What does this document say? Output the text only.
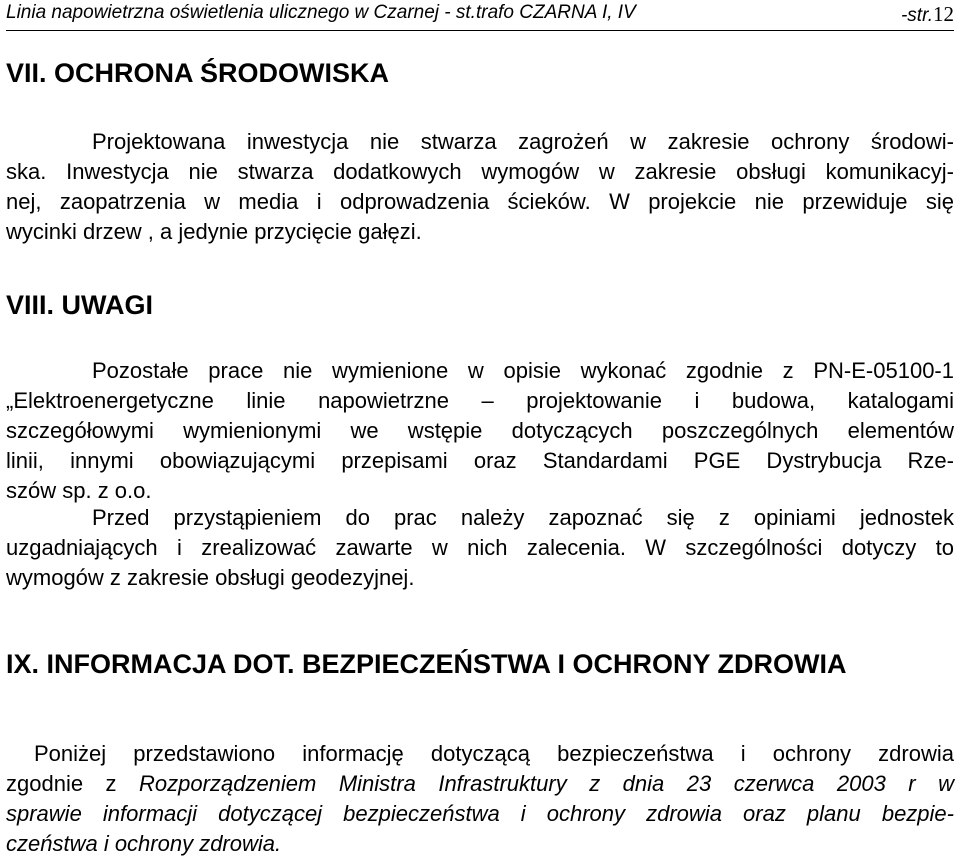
Linia napowietrzna oświetlenia ulicznego w Czarnej - st.trafo CZARNA I, IV	-str.12
VII. OCHRONA ŚRODOWISKA
Projektowana inwestycja nie stwarza zagrożeń w zakresie ochrony środowi-
ska. Inwestycja nie stwarza dodatkowych wymogów w zakresie obsługi komunikacyj-
nej, zaopatrzenia w media i odprowadzenia ścieków. W projekcie nie przewiduje się
wycinki drzew , a jedynie przycięcie gałęzi.
VIII. UWAGI
Pozostałe prace nie wymienione w opisie wykonać zgodnie z PN-E-05100-1
„Elektroenergetyczne linie napowietrzne – projektowanie i budowa, katalogami
szczegółowymi wymienionymi we wstępie dotyczących poszczególnych elementów
linii, innymi obowiązującymi przepisami oraz Standardami PGE Dystrybucja Rze-
szów sp. z o.o.
Przed przystąpieniem do prac należy zapoznać się z opiniami jednostek
uzgadniających i zrealizować zawarte w nich zalecenia. W szczególności dotyczy to
wymogów z zakresie obsługi geodezyjnej.
IX. INFORMACJA DOT. BEZPIECZEŃSTWA I OCHRONY ZDROWIA
Poniżej przedstawiono informację dotyczącą bezpieczeństwa i ochrony zdrowia
zgodnie z Rozporządzeniem Ministra Infrastruktury z dnia 23 czerwca 2003 r w
sprawie informacji dotyczącej bezpieczeństwa i ochrony zdrowia oraz planu bezpie-
czeństwa i ochrony zdrowia.
